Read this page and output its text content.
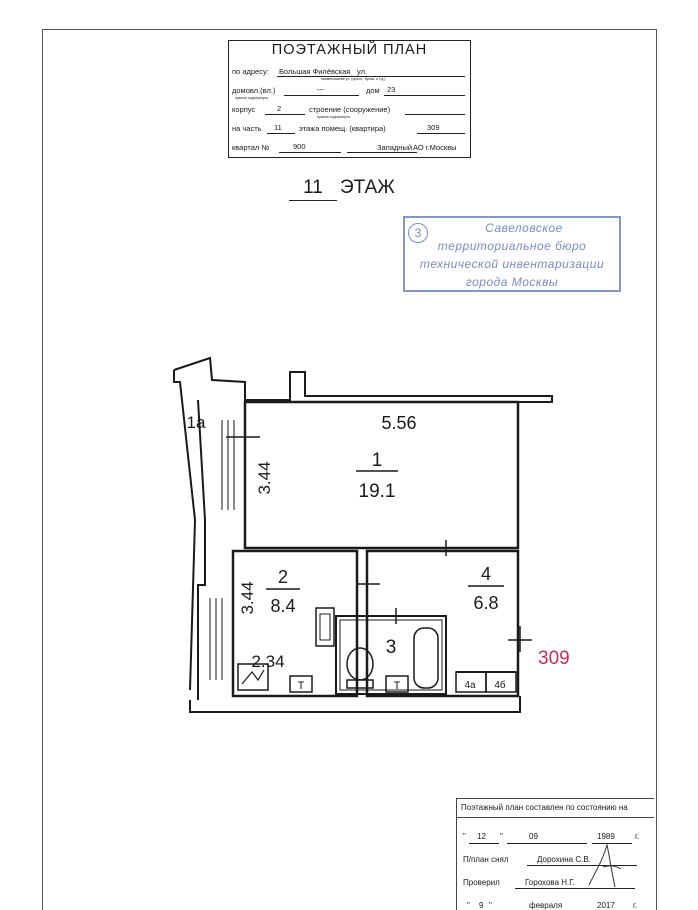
ПОЭТАЖНЫЙ ПЛАН
по адресу: Большая Филёвская ул.
наименование ул. (просп., бульв. и т.д.)
домовл.(вл.)	---	дом 23
нужное подчеркнуть
корпус	2	строение (сооружение)
нужное подчеркнуть
на часть 11 этажа помещ. (квартира)	309
квартал №	900	Западный АО г.Москвы
11 ЭТАЖ
3	Савеловское
территориальное бюро
технической инвентаризации
города Москвы
1а	5.56
3.44
1
19.1
3.44
2
8.4
2.34
3
4
6.8
4а 4б
Т	Т
309
Поэтажный план составлен по состоянию на
" 12 "	09	1989	г.
П/план снял	Дорохина С.В.
Проверил	Горохова Н.Г.
" 9 "	февраля	2017 г.
